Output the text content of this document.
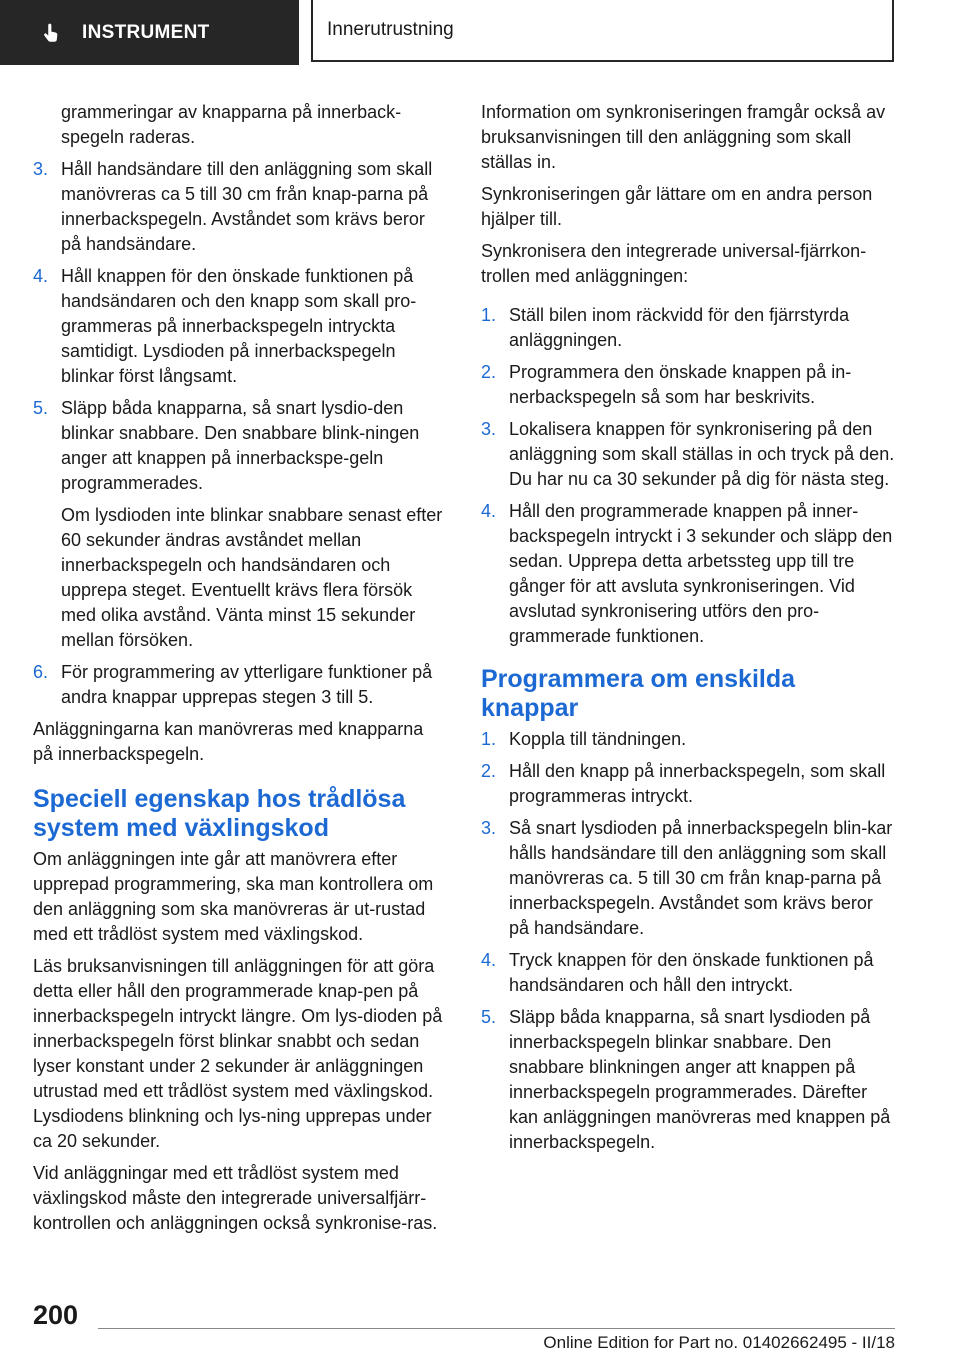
INSTRUMENT	Innerutrustning
grammeringar av knapparna på innerback-spegeln raderas.
3. Håll handsändare till den anläggning som skall manövreras ca 5 till 30 cm från knap-parna på innerbackspegeln. Avståndet som krävs beror på handsändare.
4. Håll knappen för den önskade funktionen på handsändaren och den knapp som skall pro-grammeras på innerbackspegeln intryckta samtidigt. Lysdioden på innerbackspegeln blinkar först långsamt.
5. Släpp båda knapparna, så snart lysdio-den blinkar snabbare. Den snabbare blink-ningen anger att knappen på innerbackspe-geln programmerades.
Om lysdioden inte blinkar snabbare senast efter 60 sekunder ändras avståndet mellan innerbackspegeln och handsändaren och upprepa steget. Eventuellt krävs flera försök med olika avstånd. Vänta minst 15 sekunder mellan försöken.
6. För programmering av ytterligare funktioner på andra knappar upprepas stegen 3 till 5.

Anläggningarna kan manövreras med knapparna på innerbackspegeln.

Speciell egenskap hos trådlösa system med växlingskod

Om anläggningen inte går att manövrera efter upprepad programmering, ska man kontrollera om den anläggning som ska manövreras är ut-rustad med ett trådlöst system med växlingskod.

Läs bruksanvisningen till anläggningen för att göra detta eller håll den programmerade knap-pen på innerbackspegeln intryckt längre. Om lys-dioden på innerbackspegeln först blinkar snabbt och sedan lyser konstant under 2 sekunder är anläggningen utrustad med ett trådlöst system med växlingskod. Lysdiodens blinkning och lys-ning upprepas under ca 20 sekunder.

Vid anläggningar med ett trådlöst system med växlingskod måste den integrerade universalfjärr-kontrollen och anläggningen också synkronise-ras.

Information om synkroniseringen framgår också av bruksanvisningen till den anläggning som skall ställas in.

Synkroniseringen går lättare om en andra person hjälper till.

Synkronisera den integrerade universal-fjärrkon-trollen med anläggningen:

1. Ställ bilen inom räckvidd för den fjärrstyrda anläggningen.
2. Programmera den önskade knappen på in-nerbackspegeln så som har beskrivits.
3. Lokalisera knappen för synkronisering på den anläggning som skall ställas in och tryck på den. Du har nu ca 30 sekunder på dig för nästa steg.
4. Håll den programmerade knappen på inner-backspegeln intryckt i 3 sekunder och släpp den sedan. Upprepa detta arbetssteg upp till tre gånger för att avsluta synkroniseringen. Vid avslutad synkronisering utförs den pro-grammerade funktionen.
Programmera om enskilda knappar
1. Koppla till tändningen.
2. Håll den knapp på innerbackspegeln, som skall programmeras intryckt.
3. Så snart lysdioden på innerbackspegeln blin-kar hålls handsändare till den anläggning som skall manövreras ca. 5 till 30 cm från knap-parna på innerbackspegeln. Avståndet som krävs beror på handsändare.
4. Tryck knappen för den önskade funktionen på handsändaren och håll den intryckt.
5. Släpp båda knapparna, så snart lysdioden på innerbackspegeln blinkar snabbare. Den snabbare blinkningen anger att knappen på innerbackspegeln programmerades. Därefter kan anläggningen manövreras med knappen på innerbackspegeln.
200
Online Edition for Part no. 01402662495 - II/18
